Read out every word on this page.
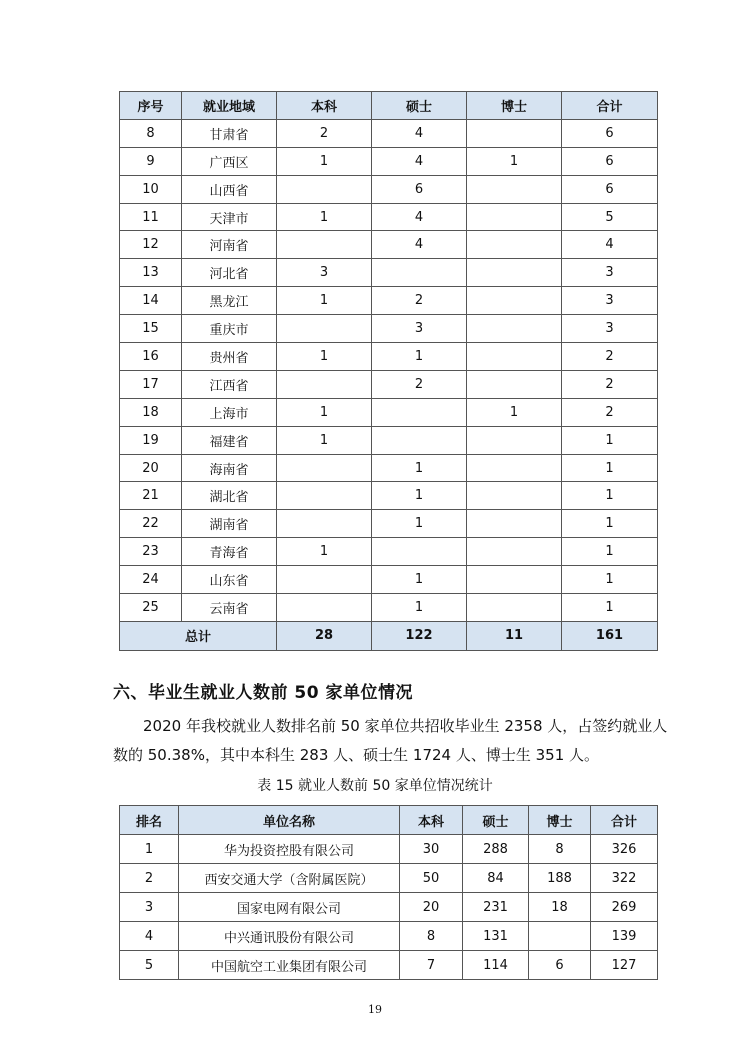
序号	就业地域	本科	硕士	博士	合计
8	甘肃省	2	4		6
9	广西区	1	4	1	6
10	山西省		6		6
11	天津市	1	4		5
12	河南省		4		4
13	河北省	3			3
14	黑龙江	1	2		3
15	重庆市		3		3
16	贵州省	1	1		2
17	江西省		2		2
18	上海市	1		1	2
19	福建省	1			1
20	海南省		1		1
21	湖北省		1		1
22	湖南省		1		1
23	青海省	1			1
24	山东省		1		1
25	云南省		1		1
总计		28	122	11	161
六、毕业生就业人数前 50 家单位情况
2020 年我校就业人数排名前 50 家单位共招收毕业生 2358 人，占签约就业人数的 50.38%，其中本科生 283 人、硕士生 1724 人、博士生 351 人。
表 15 就业人数前 50 家单位情况统计
排名	单位名称	本科	硕士	博士	合计
1	华为投资控股有限公司	30	288	8	326
2	西安交通大学（含附属医院）	50	84	188	322
3	国家电网有限公司	20	231	18	269
4	中兴通讯股份有限公司	8	131		139
5	中国航空工业集团有限公司	7	114	6	127
19
